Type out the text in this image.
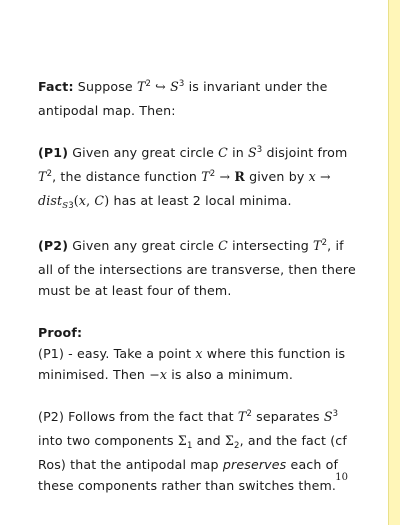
Fact: Suppose $T^2$ ↪ $S^3$ is invariant under the antipodal map. Then:

(P1) Given any great circle C in $S^3$ disjoint from $T^2$, the distance function $T^2 \to R$ given by x → dist$_{S3}$(x, C) has at least 2 local minima.

(P2) Given any great circle C intersecting $T^2$, if all of the intersections are transverse, then there must be at least four of them.

Proof:

(P1) - easy. Take a point x where this function is minimised. Then −x is also a minimum.

(P2) Follows from the fact that $T^2$ separates $S^3$ into two components $\Sigma_1$ and $\Sigma_2$, and the fact (cf Ros) that the antipodal map preserves each of these components rather than switches them.

10
